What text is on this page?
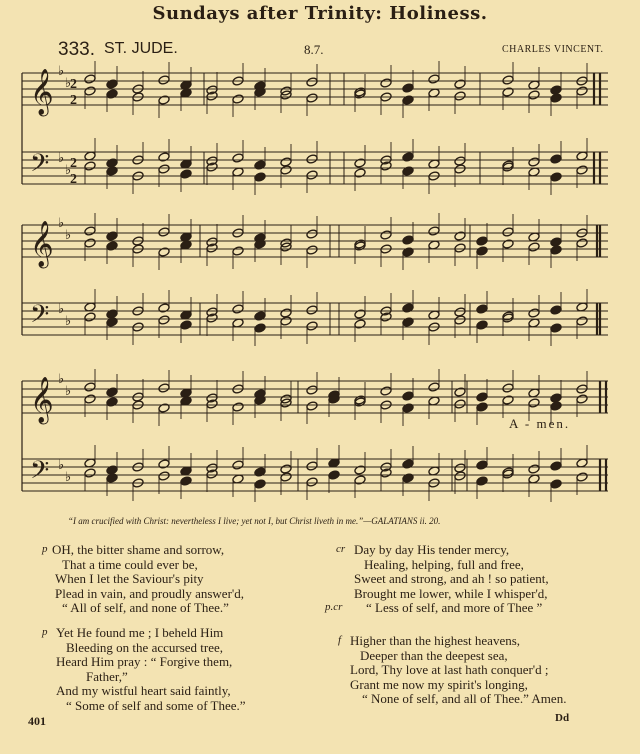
Sundays after Trinity: Holiness.
333. ST. JUDE.	8.7.	CHARLES VINCENT.
𝄞 ♭
♭
2
2
𝄢 ♭
♭
2
2
𝄞 ♭
♭
𝄢 ♭
♭
𝄞 ♭
♭
𝄢 ♭
♭
A - men.
“I am crucified with Christ: nevertheless I live; yet not I, but Christ liveth in me.”—GALATIANS ii. 20.
p OH, the bitter shame and sorrow,
That a time could ever be,
When I let the Saviour's pity
Plead in vain, and proudly answer'd,
“ All of self, and none of Thee.”
p Yet He found me ; I beheld Him
Bleeding on the accursed tree,
Heard Him pray : “ Forgive them,
Father,”
And my wistful heart said faintly,
“ Some of self and some of Thee.”
cr
p.cr
Day by day His tender mercy,
Healing, helping, full and free,
Sweet and strong, and ah ! so patient,
Brought me lower, while I whisper'd,
“ Less of self, and more of Thee ”
f Higher than the highest heavens,
Deeper than the deepest sea,
Lord, Thy love at last hath conquer'd ;
Grant me now my spirit's longing,
“ None of self, and all of Thee.” Amen.
401	Dd
